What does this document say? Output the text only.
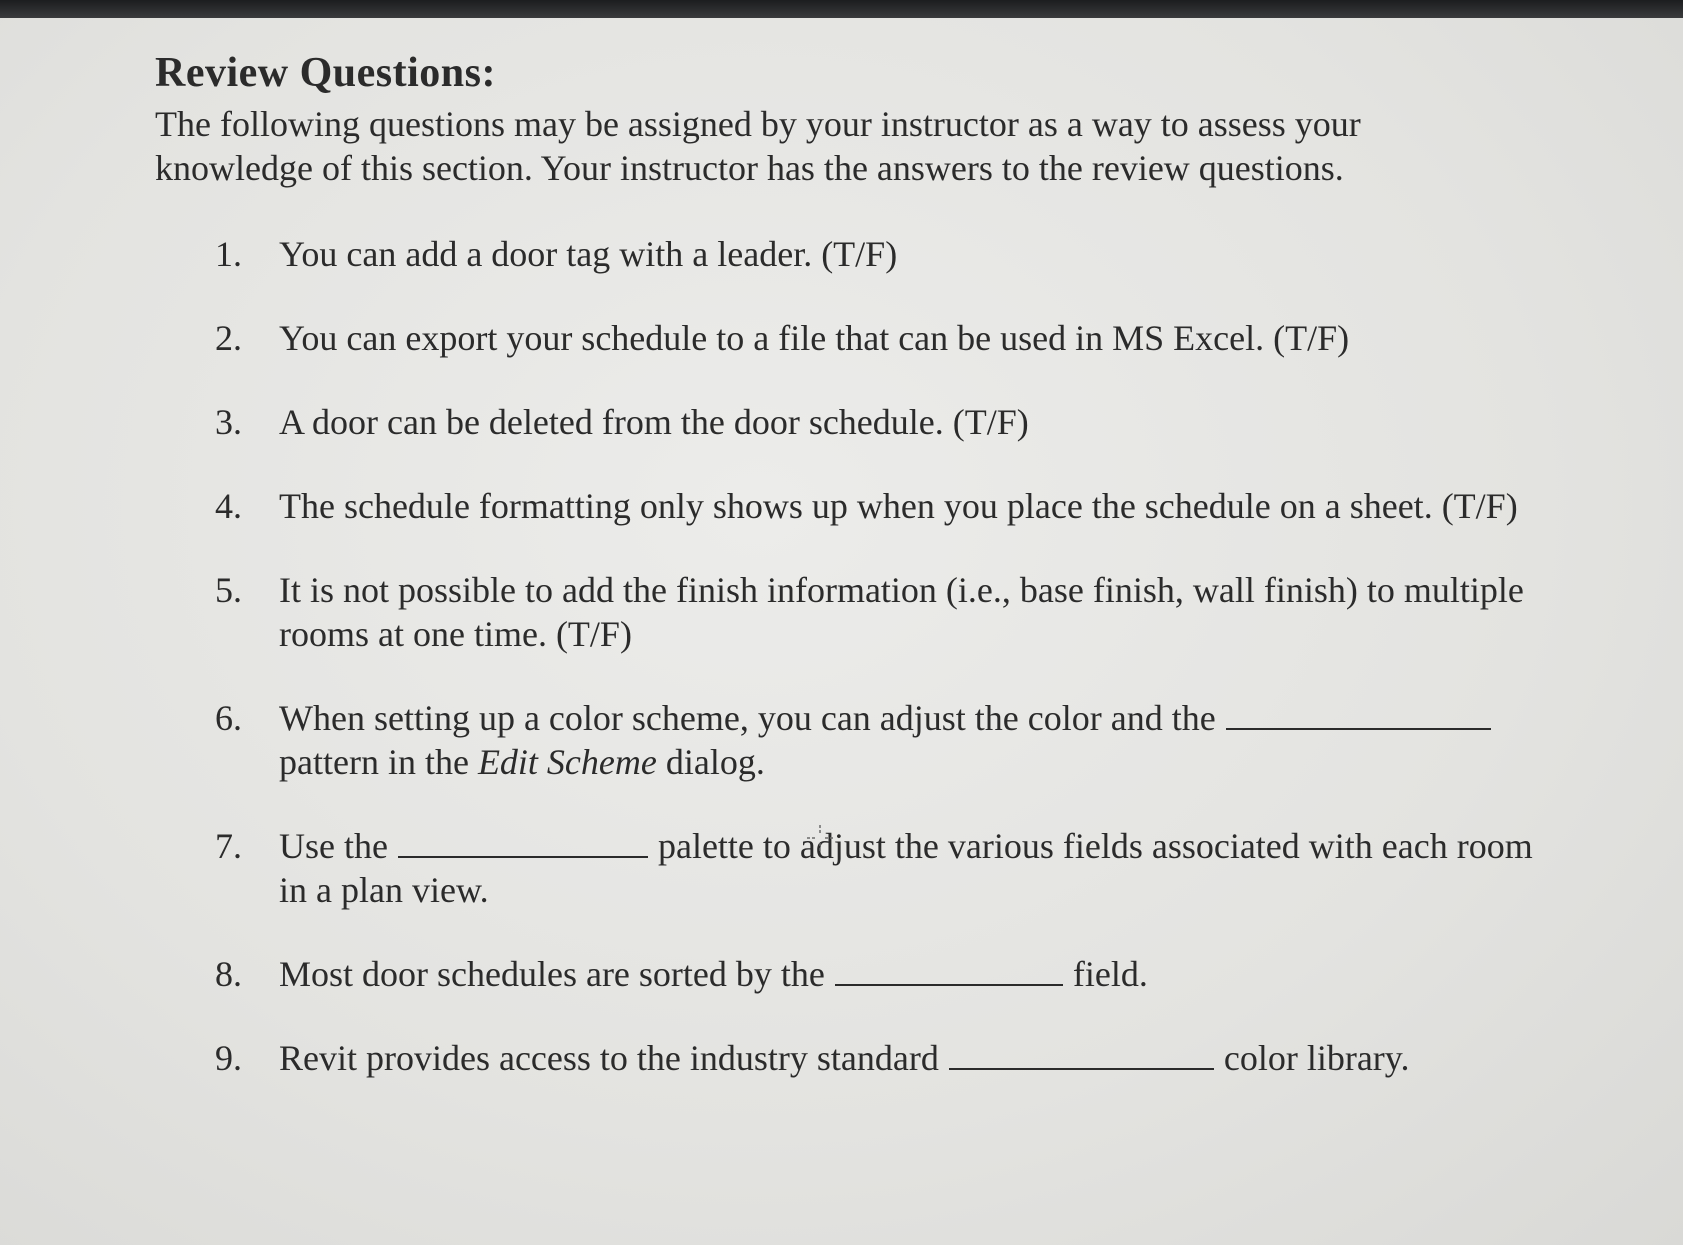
Review Questions:

The following questions may be assigned by your instructor as a way to assess your knowledge of this section. Your instructor has the answers to the review questions.

1.	You can add a door tag with a leader. (T/F)
2.	You can export your schedule to a file that can be used in MS Excel. (T/F)
3.	A door can be deleted from the door schedule. (T/F)
4.	The schedule formatting only shows up when you place the schedule on a sheet. (T/F)
5.	It is not possible to add the finish information (i.e., base finish, wall finish) to multiple rooms at one time. (T/F)
6.	When setting up a color scheme, you can adjust the color and the
pattern in the Edit Scheme dialog.
7.	Use the	palette to adjust the various fields associated with each room in a plan view.
8.	Most door schedules are sorted by the	field.
9.	Revit provides access to the industry standard	color library.
